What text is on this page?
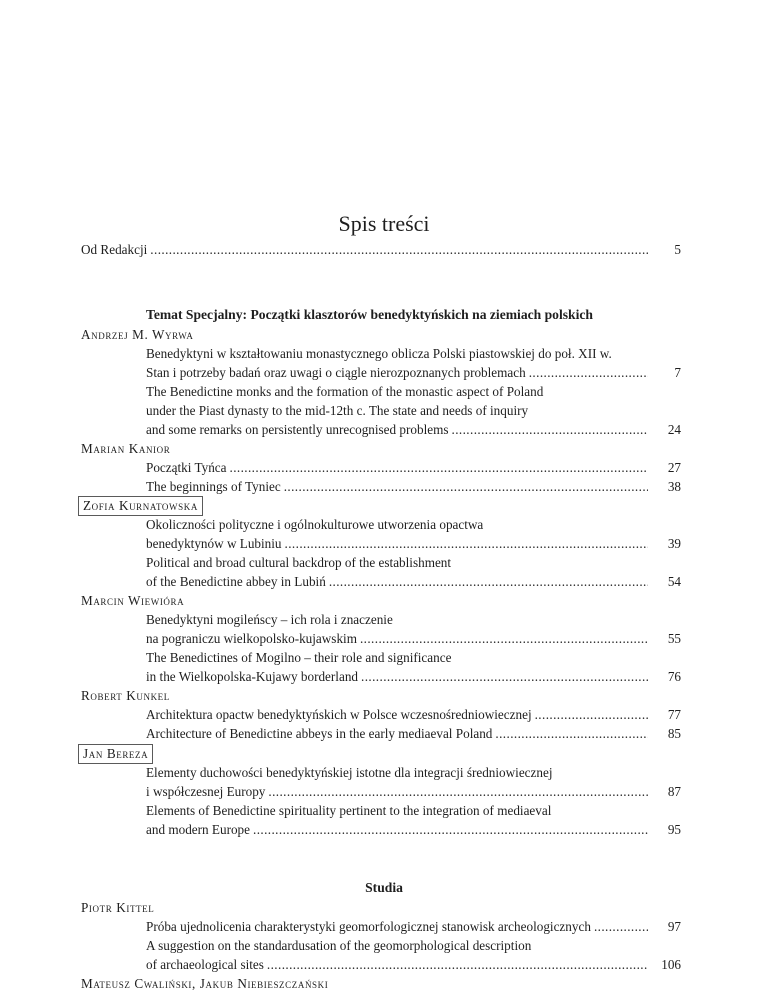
Spis treści
Od Redakcji .....	5
Temat Specjalny: Początki klasztorów benedyktyńskich na ziemiach polskich
Andrzej M. Wyrwa
Benedyktyni w kształtowaniu monastycznego oblicza Polski piastowskiej do poł. XII w.
Stan i potrzeby badań oraz uwagi o ciągle nierozpoznanych problemach .....	7
The Benedictine monks and the formation of the monastic aspect of Poland
under the Piast dynasty to the mid-12th c. The state and needs of inquiry
and some remarks on persistently unrecognised problems .....	24
Marian Kanior
Początki Tyńca .....	27
The beginnings of Tyniec .....	38
Zofia Kurnatowska
Okoliczności polityczne i ogólnokulturowe utworzenia opactwa
benedyktynów w Lubiniu .....	39
Political and broad cultural backdrop of the establishment
of the Benedictine abbey in Lubiń .....	54
Marcin Wiewióra
Benedyktyni mogileńscy – ich rola i znaczenie
na pograniczu wielkopolsko-kujawskim .....	55
The Benedictines of Mogilno – their role and significance
in the Wielkopolska-Kujawy borderland .....	76
Robert Kunkel
Architektura opactw benedyktyńskich w Polsce wczesnośredniowiecznej .....	77
Architecture of Benedictine abbeys in the early mediaeval Poland .....	85
Jan Bereza
Elementy duchowości benedyktyńskiej istotne dla integracji średniowiecznej
i współczesnej Europy .....	87
Elements of Benedictine spirituality pertinent to the integration of mediaeval
and modern Europe .....	95
Studia
Piotr Kittel
Próba ujednolicenia charakterystyki geomorfologicznej stanowisk archeologicznych .....	97
A suggestion on the standardusation of the geomorphological description
of archaeological sites .....	106
Mateusz Cwaliński, Jakub Niebieszczański
